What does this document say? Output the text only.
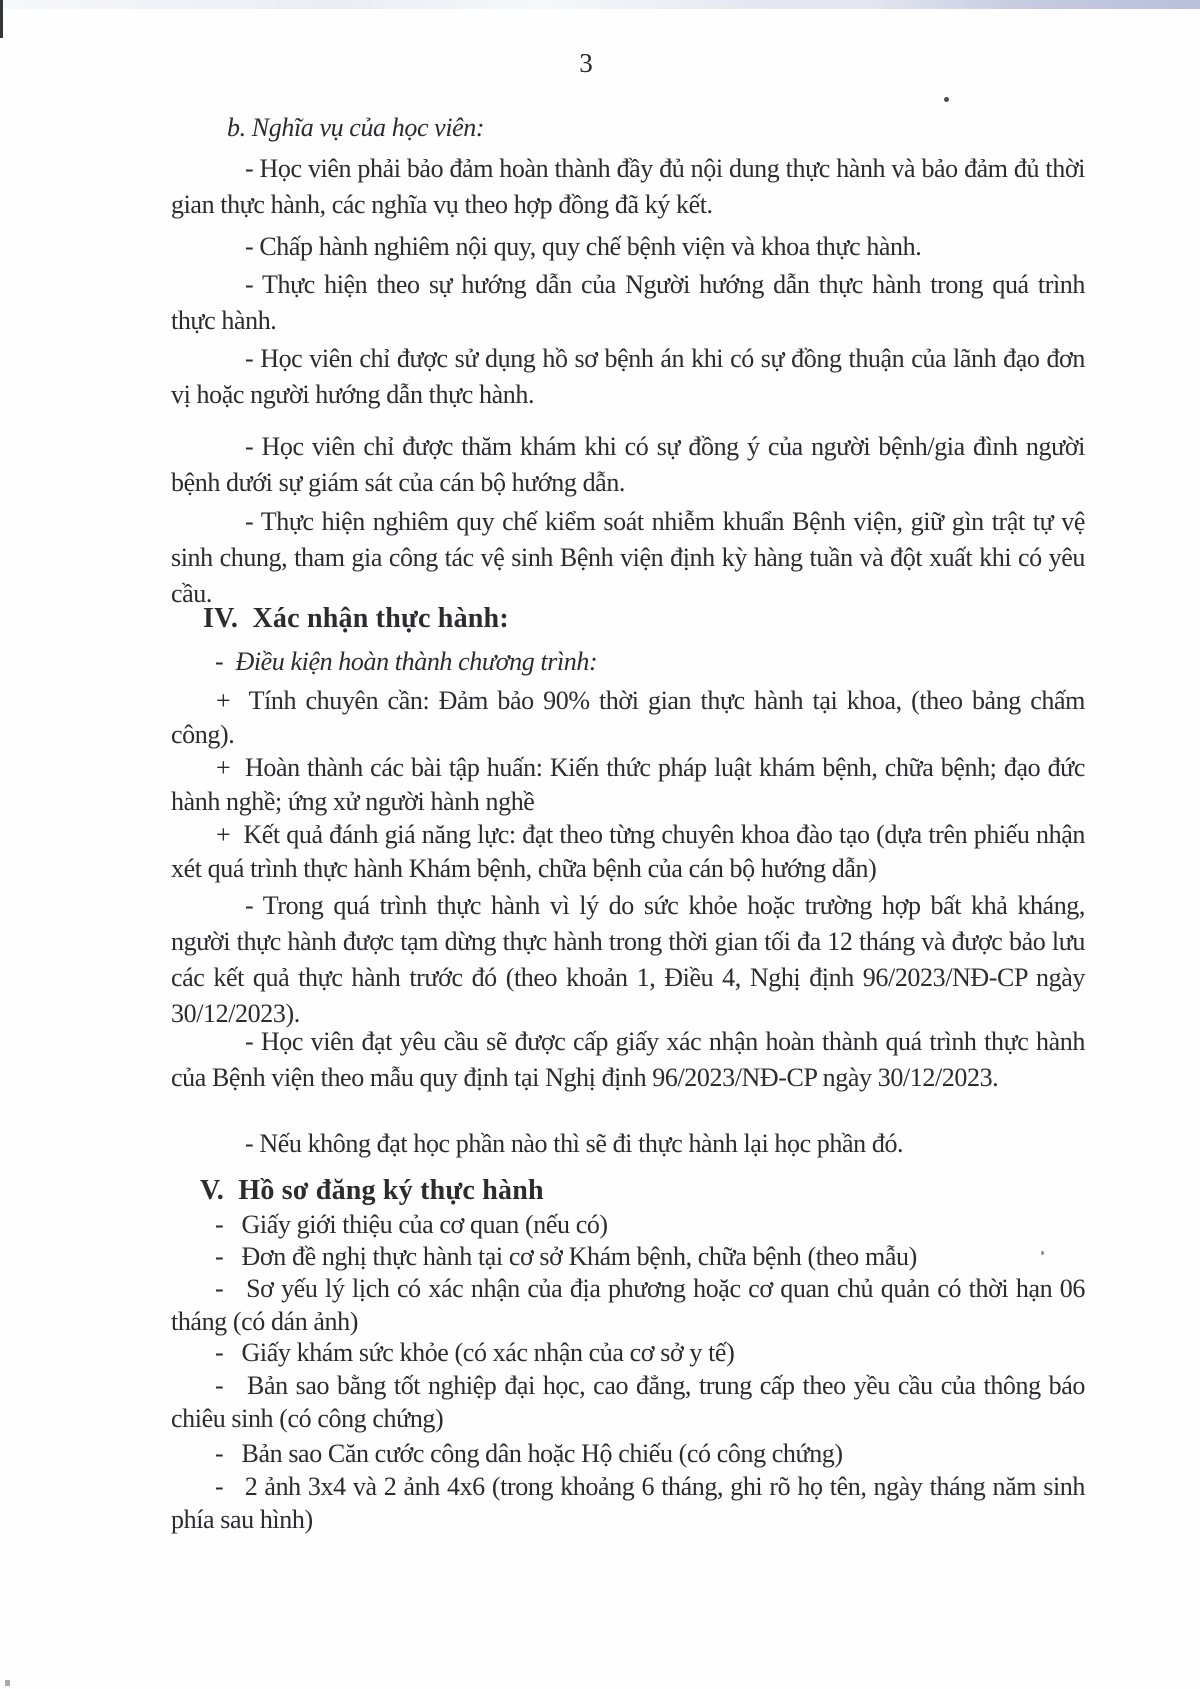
3

b. Nghĩa vụ của học viên:

- Học viên phải bảo đảm hoàn thành đầy đủ nội dung thực hành và bảo đảm đủ thời gian thực hành, các nghĩa vụ theo hợp đồng đã ký kết.

- Chấp hành nghiêm nội quy, quy chế bệnh viện và khoa thực hành.

- Thực hiện theo sự hướng dẫn của Người hướng dẫn thực hành trong quá trình thực hành.

- Học viên chỉ được sử dụng hồ sơ bệnh án khi có sự đồng thuận của lãnh đạo đơn vị hoặc người hướng dẫn thực hành.

- Học viên chỉ được thăm khám khi có sự đồng ý của người bệnh/gia đình người bệnh dưới sự giám sát của cán bộ hướng dẫn.

- Thực hiện nghiêm quy chế kiểm soát nhiễm khuẩn Bệnh viện, giữ gìn trật tự vệ sinh chung, tham gia công tác vệ sinh Bệnh viện định kỳ hàng tuần và đột xuất khi có yêu cầu.

IV.  Xác nhận thực hành:

-  Điều kiện hoàn thành chương trình:

+  Tính chuyên cần: Đảm bảo 90% thời gian thực hành tại khoa, (theo bảng chấm công).

+  Hoàn thành các bài tập huấn: Kiến thức pháp luật khám bệnh, chữa bệnh; đạo đức hành nghề; ứng xử người hành nghề

+  Kết quả đánh giá năng lực: đạt theo từng chuyên khoa đào tạo (dựa trên phiếu nhận xét quá trình thực hành Khám bệnh, chữa bệnh của cán bộ hướng dẫn)

- Trong quá trình thực hành vì lý do sức khỏe hoặc trường hợp bất khả kháng, người thực hành được tạm dừng thực hành trong thời gian tối đa 12 tháng và được bảo lưu các kết quả thực hành trước đó (theo khoản 1, Điều 4, Nghị định 96/2023/NĐ-CP ngày 30/12/2023).

- Học viên đạt yêu cầu sẽ được cấp giấy xác nhận hoàn thành quá trình thực hành của Bệnh viện theo mẫu quy định tại Nghị định 96/2023/NĐ-CP ngày 30/12/2023.

- Nếu không đạt học phần nào thì sẽ đi thực hành lại học phần đó.

V.  Hồ sơ đăng ký thực hành

-   Giấy giới thiệu của cơ quan (nếu có)

-   Đơn đề nghị thực hành tại cơ sở Khám bệnh, chữa bệnh (theo mẫu)

-   Sơ yếu lý lịch có xác nhận của địa phương hoặc cơ quan chủ quản có thời hạn 06 tháng (có dán ảnh)

-   Giấy khám sức khỏe (có xác nhận của cơ sở y tế)

-   Bản sao bằng tốt nghiệp đại học, cao đẳng, trung cấp theo yều cầu của thông báo chiêu sinh (có công chứng)

-   Bản sao Căn cước công dân hoặc Hộ chiếu (có công chứng)

-   2 ảnh 3x4 và 2 ảnh 4x6 (trong khoảng 6 tháng, ghi rõ họ tên, ngày tháng năm sinh phía sau hình)
